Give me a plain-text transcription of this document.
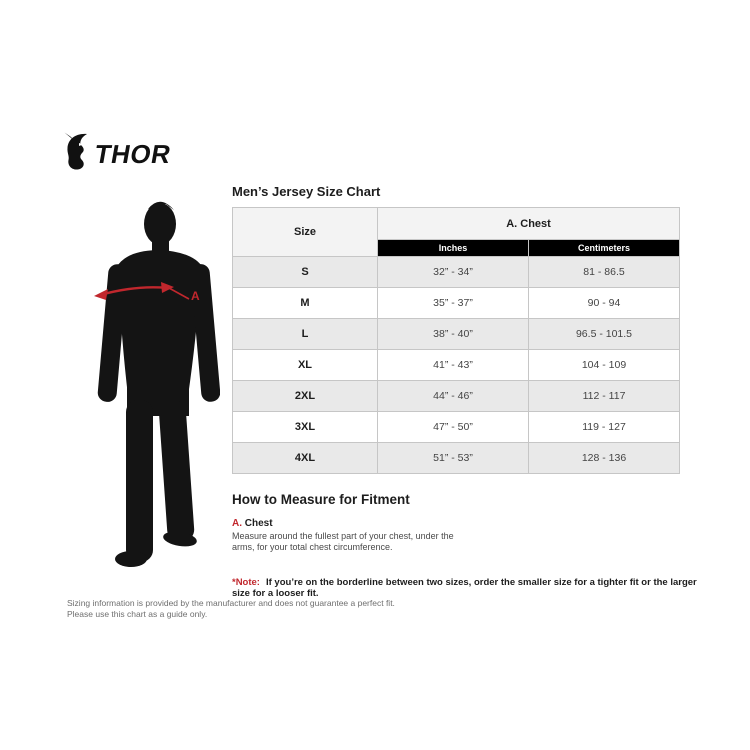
THOR
Men’s Jersey Size Chart
A
Size	A. Chest	
	Inches	Centimeters
S	32” - 34”	81 - 86.5
M	35” - 37”	90 - 94
L	38” - 40”	96.5 - 101.5
XL	41” - 43”	104 - 109
2XL	44” - 46”	112 - 117
3XL	47” - 50”	119 - 127
4XL	51” - 53”	128 - 136
How to Measure for Fitment
A. Chest
Measure around the fullest part of your chest, under the arms, for your total chest circumference.
*Note: If you’re on the borderline between two sizes, order the smaller size for a tighter fit or the larger size for a looser fit.
Sizing information is provided by the manufacturer and does not guarantee a perfect fit.
Please use this chart as a guide only.
